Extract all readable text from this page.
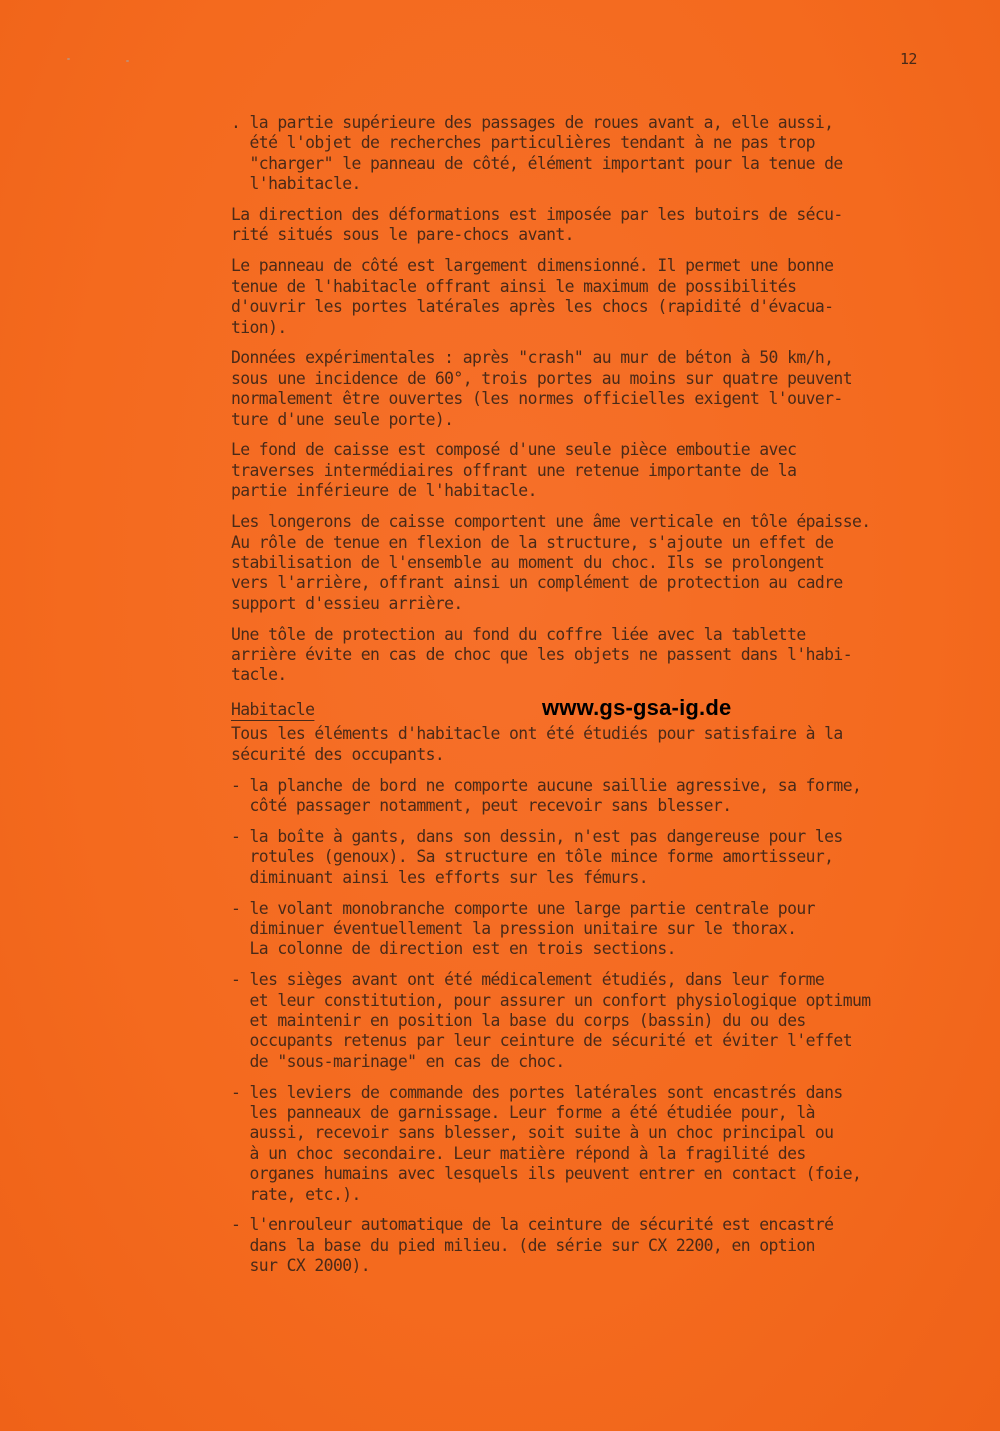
12
. la partie supérieure des passages de roues avant a, elle aussi,
été l'objet de recherches particulières tendant à ne pas trop
"charger" le panneau de côté, élément important pour la tenue de
l'habitacle.
La direction des déformations est imposée par les butoirs de sécu-
rité situés sous le pare-chocs avant.
Le panneau de côté est largement dimensionné. Il permet une bonne
tenue de l'habitacle offrant ainsi le maximum de possibilités
d'ouvrir les portes latérales après les chocs (rapidité d'évacua-
tion).
Données expérimentales : après "crash" au mur de béton à 50 km/h,
sous une incidence de 60°, trois portes au moins sur quatre peuvent
normalement être ouvertes (les normes officielles exigent l'ouver-
ture d'une seule porte).
Le fond de caisse est composé d'une seule pièce emboutie avec
traverses intermédiaires offrant une retenue importante de la
partie inférieure de l'habitacle.
Les longerons de caisse comportent une âme verticale en tôle épaisse.
Au rôle de tenue en flexion de la structure, s'ajoute un effet de
stabilisation de l'ensemble au moment du choc. Ils se prolongent
vers l'arrière, offrant ainsi un complément de protection au cadre
support d'essieu arrière.
Une tôle de protection au fond du coffre liée avec la tablette
arrière évite en cas de choc que les objets ne passent dans l'habi-
tacle.
Habitacle	www.gs-gsa-ig.de
Tous les éléments d'habitacle ont été étudiés pour satisfaire à la
sécurité des occupants.
- la planche de bord ne comporte aucune saillie agressive, sa forme,
côté passager notamment, peut recevoir sans blesser.
- la boîte à gants, dans son dessin, n'est pas dangereuse pour les
rotules (genoux). Sa structure en tôle mince forme amortisseur,
diminuant ainsi les efforts sur les fémurs.
- le volant monobranche comporte une large partie centrale pour
diminuer éventuellement la pression unitaire sur le thorax.
La colonne de direction est en trois sections.
- les sièges avant ont été médicalement étudiés, dans leur forme
et leur constitution, pour assurer un confort physiologique optimum
et maintenir en position la base du corps (bassin) du ou des
occupants retenus par leur ceinture de sécurité et éviter l'effet
de "sous-marinage" en cas de choc.
- les leviers de commande des portes latérales sont encastrés dans
les panneaux de garnissage. Leur forme a été étudiée pour, là
aussi, recevoir sans blesser, soit suite à un choc principal ou
à un choc secondaire. Leur matière répond à la fragilité des
organes humains avec lesquels ils peuvent entrer en contact (foie,
rate, etc.).
- l'enrouleur automatique de la ceinture de sécurité est encastré
dans la base du pied milieu. (de série sur CX 2200, en option
sur CX 2000).
